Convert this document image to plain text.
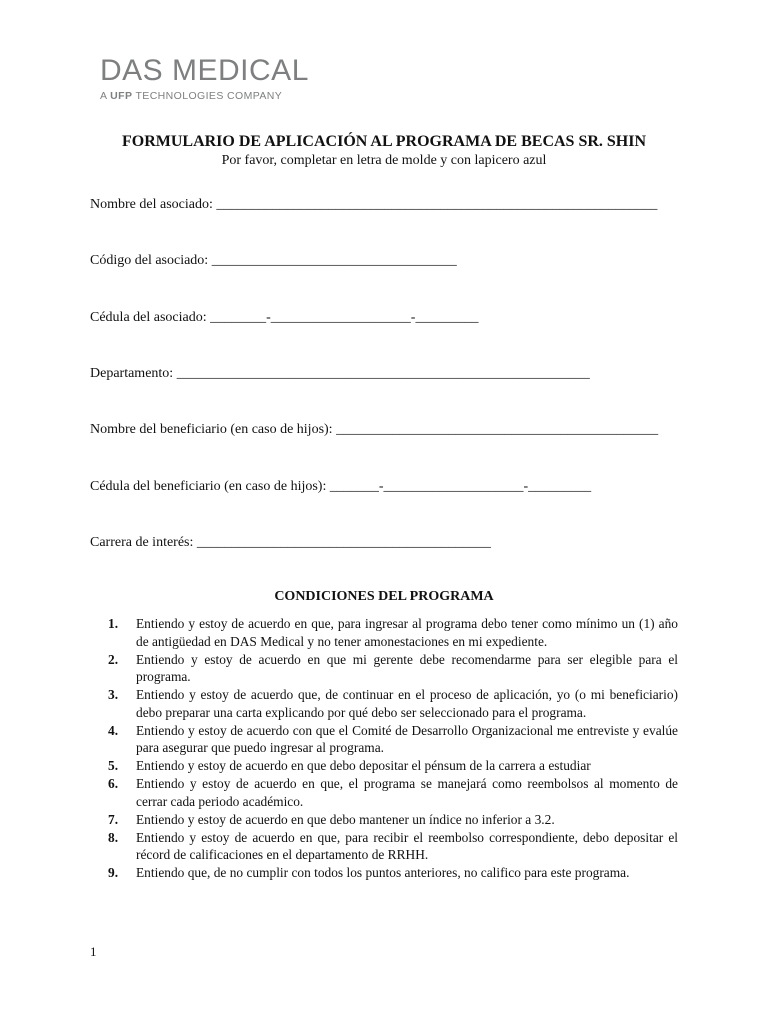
DAS MEDICAL
A UFP TECHNOLOGIES COMPANY
FORMULARIO DE APLICACIÓN AL PROGRAMA DE BECAS SR. SHIN
Por favor, completar en letra de molde y con lapicero azul
Nombre del asociado: _______________________________________________________________
Código del asociado: ___________________________________
Cédula del asociado: ________-____________________-_________
Departamento: ___________________________________________________________
Nombre del beneficiario (en caso de hijos): ______________________________________________
Cédula del beneficiario (en caso de hijos): _______-____________________-_________
Carrera de interés: __________________________________________
CONDICIONES DEL PROGRAMA
1.	Entiendo y estoy de acuerdo en que, para ingresar al programa debo tener como mínimo un (1) año de antigüedad en DAS Medical y no tener amonestaciones en mi expediente.
2.	Entiendo y estoy de acuerdo en que mi gerente debe recomendarme para ser elegible para el programa.
3.	Entiendo y estoy de acuerdo que, de continuar en el proceso de aplicación, yo (o mi beneficiario) debo preparar una carta explicando por qué debo ser seleccionado para el programa.
4.	Entiendo y estoy de acuerdo con que el Comité de Desarrollo Organizacional me entreviste y evalúe para asegurar que puedo ingresar al programa.
5.	Entiendo y estoy de acuerdo en que debo depositar el pénsum de la carrera a estudiar
6.	Entiendo y estoy de acuerdo en que, el programa se manejará como reembolsos al momento de cerrar cada periodo académico.
7.	Entiendo y estoy de acuerdo en que debo mantener un índice no inferior a 3.2.
8.	Entiendo y estoy de acuerdo en que, para recibir el reembolso correspondiente, debo depositar el récord de calificaciones en el departamento de RRHH.
9.	Entiendo que, de no cumplir con todos los puntos anteriores, no califico para este programa.
1
